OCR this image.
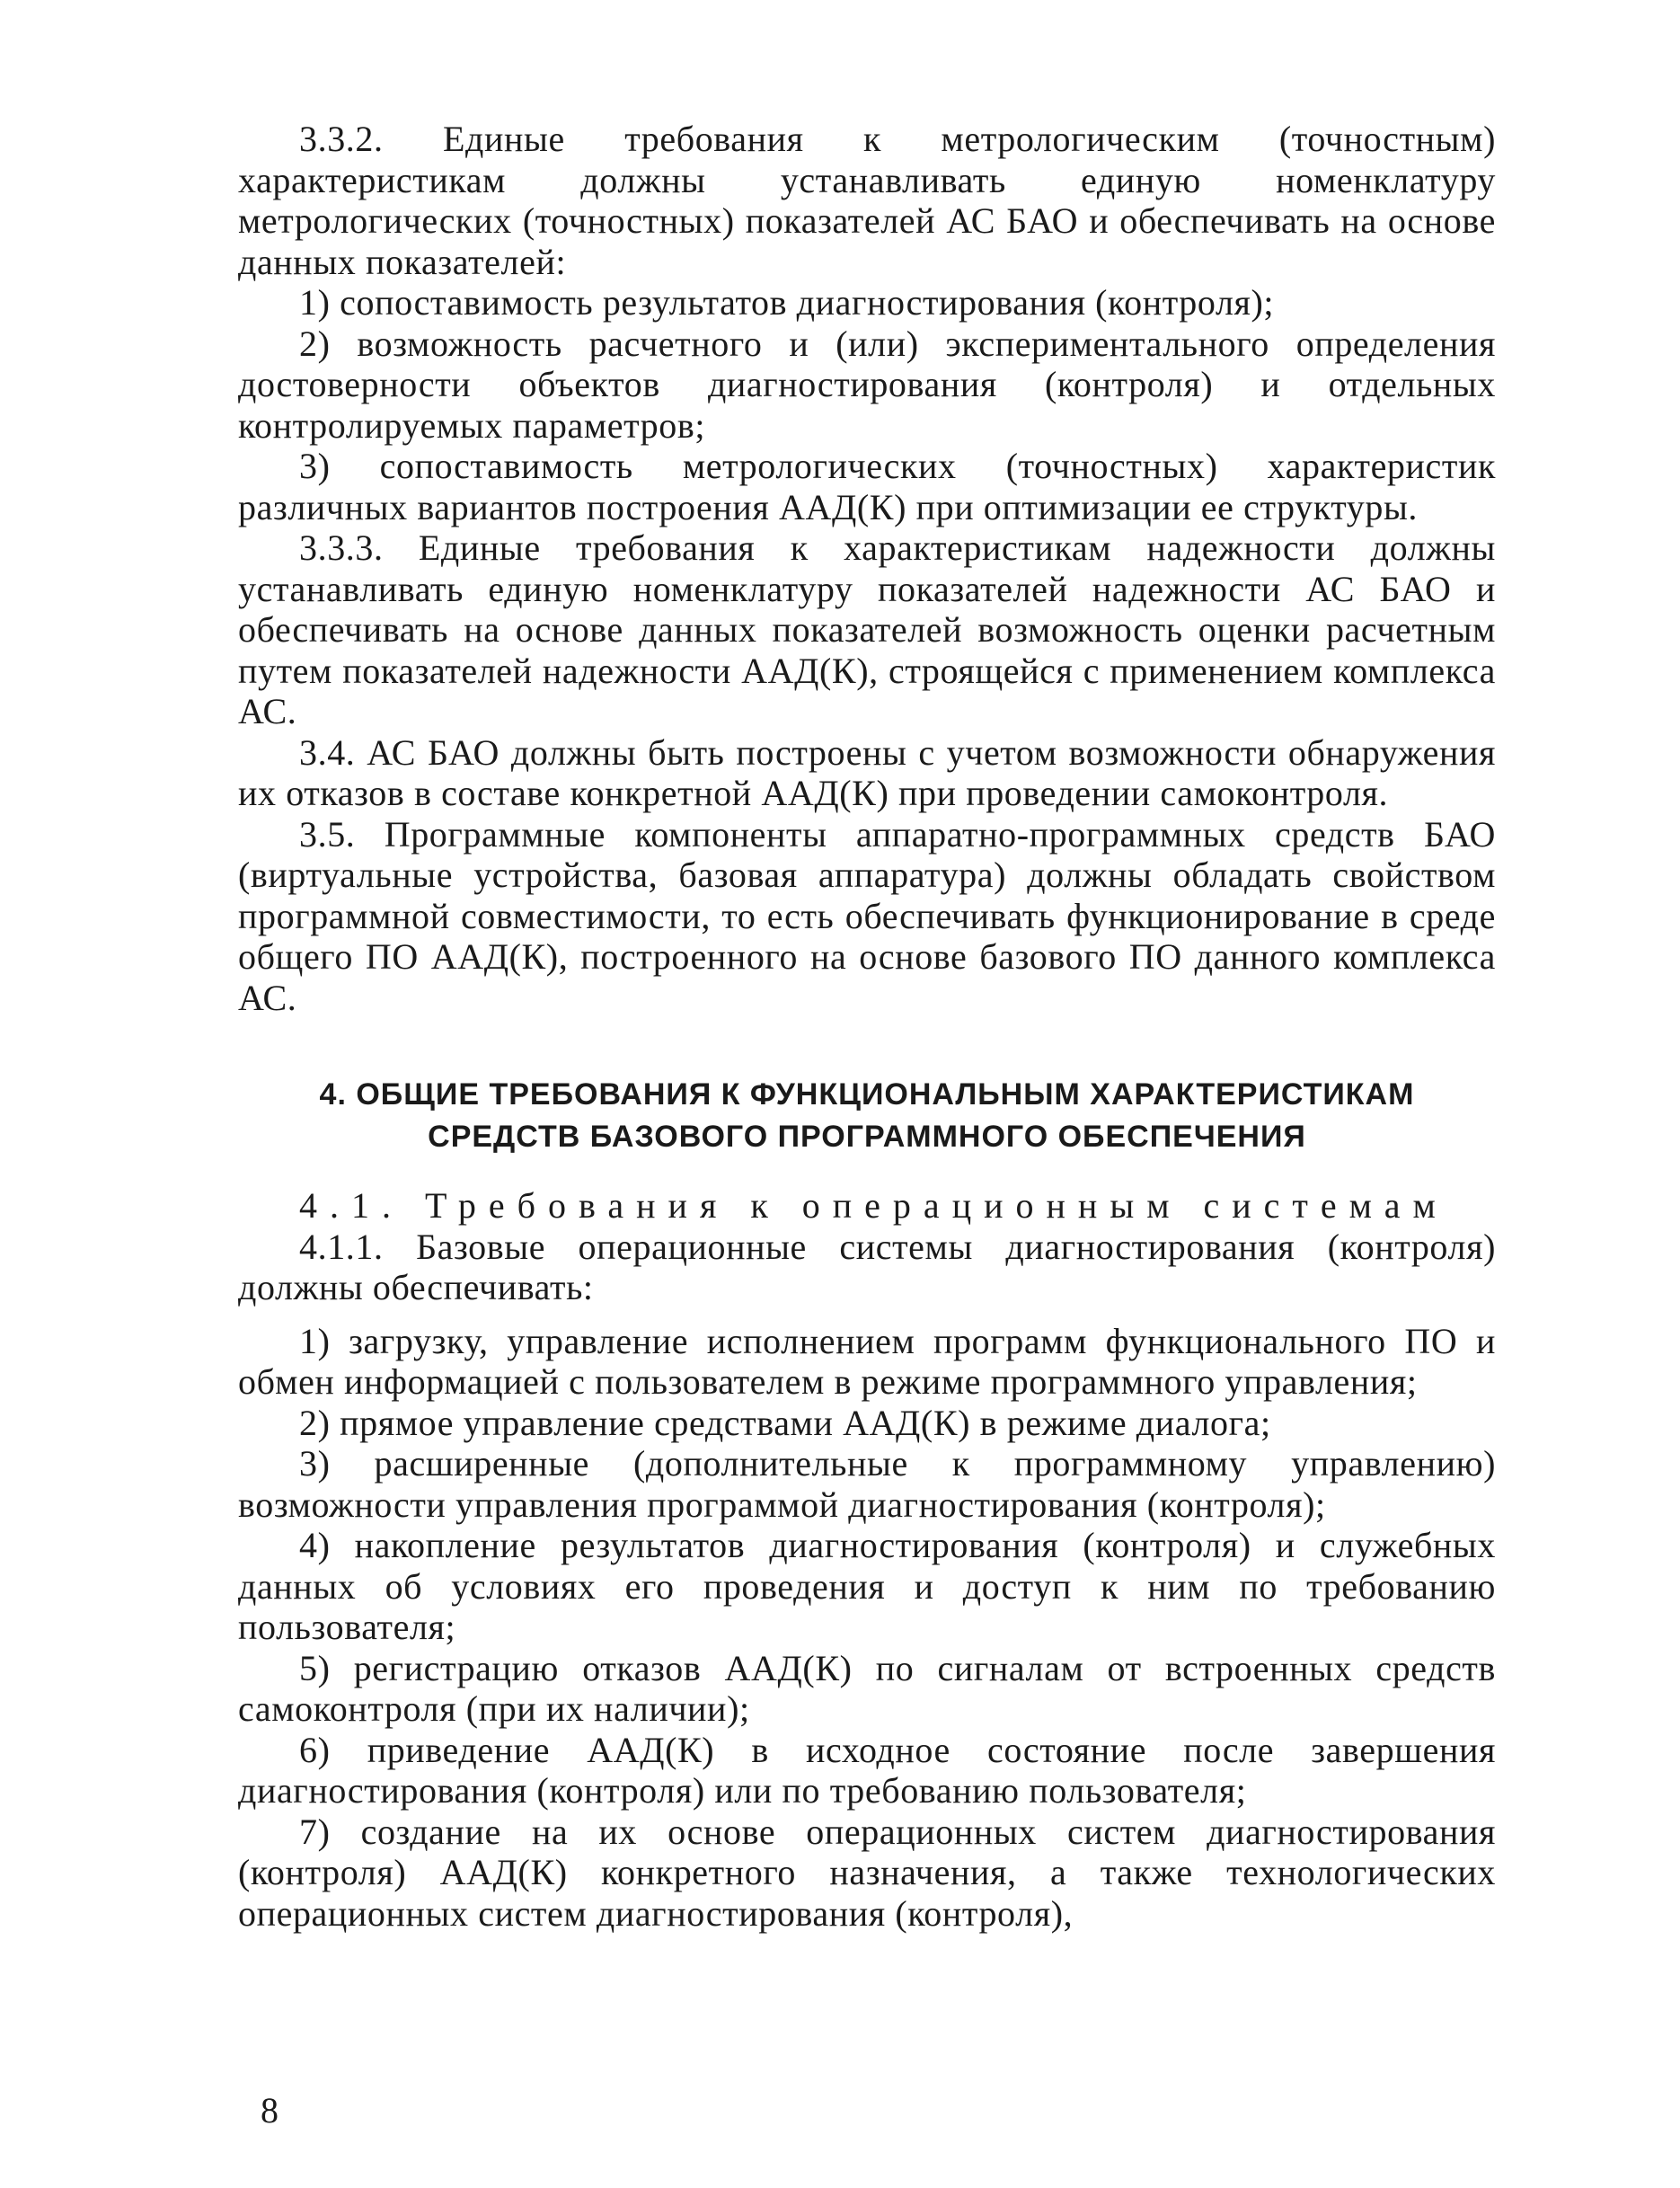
3.3.2. Единые требования к метрологическим (точностным) характеристикам должны устанавливать единую номенклатуру метрологических (точностных) показателей АС БАО и обеспечивать на основе данных показателей:

1) сопоставимость результатов диагностирования (контроля);

2) возможность расчетного и (или) экспериментального определения достоверности объектов диагностирования (контроля) и отдельных контролируемых параметров;

3) сопоставимость метрологических (точностных) характеристик различных вариантов построения ААД(К) при оптимизации ее структуры.

3.3.3. Единые требования к характеристикам надежности должны устанавливать единую номенклатуру показателей надежности АС БАО и обеспечивать на основе данных показателей возможность оценки расчетным путем показателей надежности ААД(К), строящейся с применением комплекса АС.

3.4. АС БАО должны быть построены с учетом возможности обнаружения их отказов в составе конкретной ААД(К) при проведении самоконтроля.

3.5. Программные компоненты аппаратно-программных средств БАО (виртуальные устройства, базовая аппаратура) должны обладать свойством программной совместимости, то есть обеспечивать функционирование в среде общего ПО ААД(К), построенного на основе базового ПО данного комплекса АС.

4. ОБЩИЕ ТРЕБОВАНИЯ К ФУНКЦИОНАЛЬНЫМ ХАРАКТЕРИСТИКАМ
СРЕДСТВ БАЗОВОГО ПРОГРАММНОГО ОБЕСПЕЧЕНИЯ

4.1. Требования к операционным системам

4.1.1. Базовые операционные системы диагностирования (контроля) должны обеспечивать:

1) загрузку, управление исполнением программ функционального ПО и обмен информацией с пользователем в режиме программного управления;

2) прямое управление средствами ААД(К) в режиме диалога;

3) расширенные (дополнительные к программному управлению) возможности управления программой диагностирования (контроля);

4) накопление результатов диагностирования (контроля) и служебных данных об условиях его проведения и доступ к ним по требованию пользователя;

5) регистрацию отказов ААД(К) по сигналам от встроенных средств самоконтроля (при их наличии);

6) приведение ААД(К) в исходное состояние после завершения диагностирования (контроля) или по требованию пользователя;

7) создание на их основе операционных систем диагностирования (контроля) ААД(К) конкретного назначения, а также технологических операционных систем диагностирования (контроля),

8
